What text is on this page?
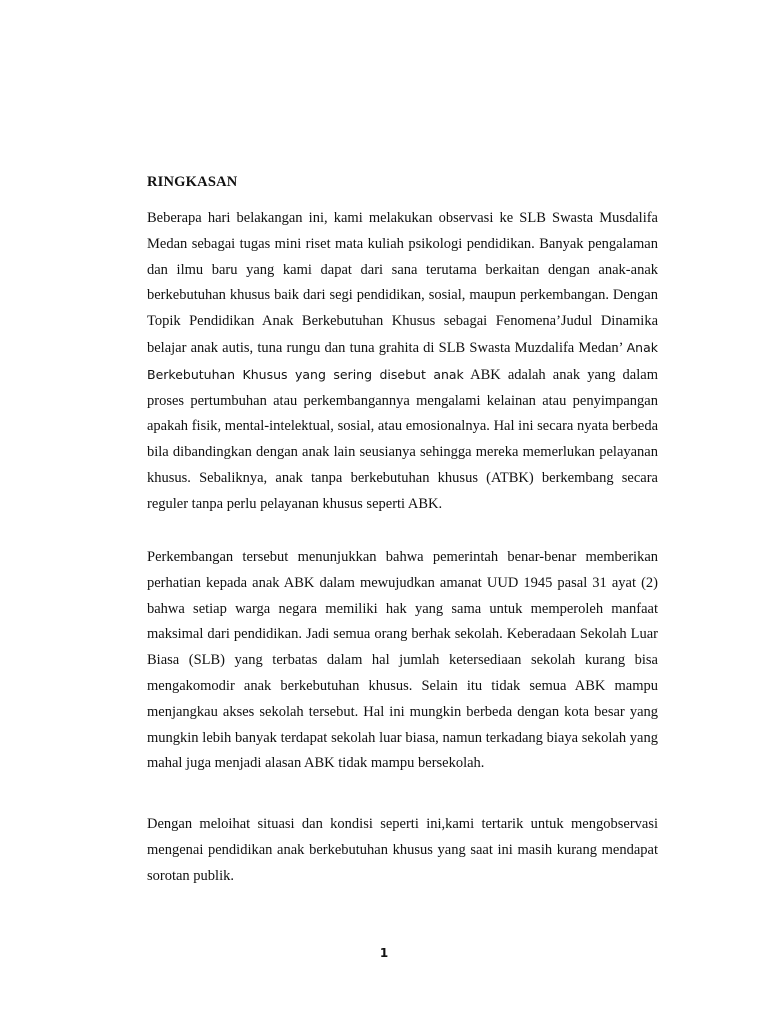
RINGKASAN

Beberapa hari belakangan ini, kami melakukan observasi ke SLB Swasta Musdalifa Medan sebagai tugas mini riset mata kuliah psikologi pendidikan. Banyak pengalaman dan ilmu baru yang kami dapat dari sana terutama berkaitan dengan anak-anak berkebutuhan khusus baik dari segi pendidikan, sosial, maupun perkembangan. Dengan Topik Pendidikan Anak Berkebutuhan Khusus sebagai Fenomena’Judul Dinamika belajar anak autis, tuna rungu dan tuna grahita di SLB Swasta Muzdalifa Medan’ Anak Berkebutuhan Khusus yang sering disebut anak ABK adalah anak yang dalam proses pertumbuhan atau perkembangannya mengalami kelainan atau penyimpangan apakah fisik, mental-intelektual, sosial, atau emosionalnya. Hal ini secara nyata berbeda bila dibandingkan dengan anak lain seusianya sehingga mereka memerlukan pelayanan khusus. Sebaliknya, anak tanpa berkebutuhan khusus (ATBK) berkembang secara reguler tanpa perlu pelayanan khusus seperti ABK.

Perkembangan tersebut menunjukkan bahwa pemerintah benar-benar memberikan perhatian kepada anak ABK dalam mewujudkan amanat UUD 1945 pasal 31 ayat (2) bahwa setiap warga negara memiliki hak yang sama untuk memperoleh manfaat maksimal dari pendidikan. Jadi semua orang berhak sekolah. Keberadaan Sekolah Luar Biasa (SLB) yang terbatas dalam hal jumlah ketersediaan sekolah kurang bisa mengakomodir anak berkebutuhan khusus. Selain itu tidak semua ABK mampu menjangkau akses sekolah tersebut. Hal ini mungkin berbeda dengan kota besar yang mungkin lebih banyak terdapat sekolah luar biasa, namun terkadang biaya sekolah yang mahal juga menjadi alasan ABK tidak mampu bersekolah.

Dengan meloihat situasi dan kondisi seperti ini,kami tertarik untuk mengobservasi mengenai pendidikan anak berkebutuhan khusus yang saat ini masih kurang mendapat sorotan publik.

1
